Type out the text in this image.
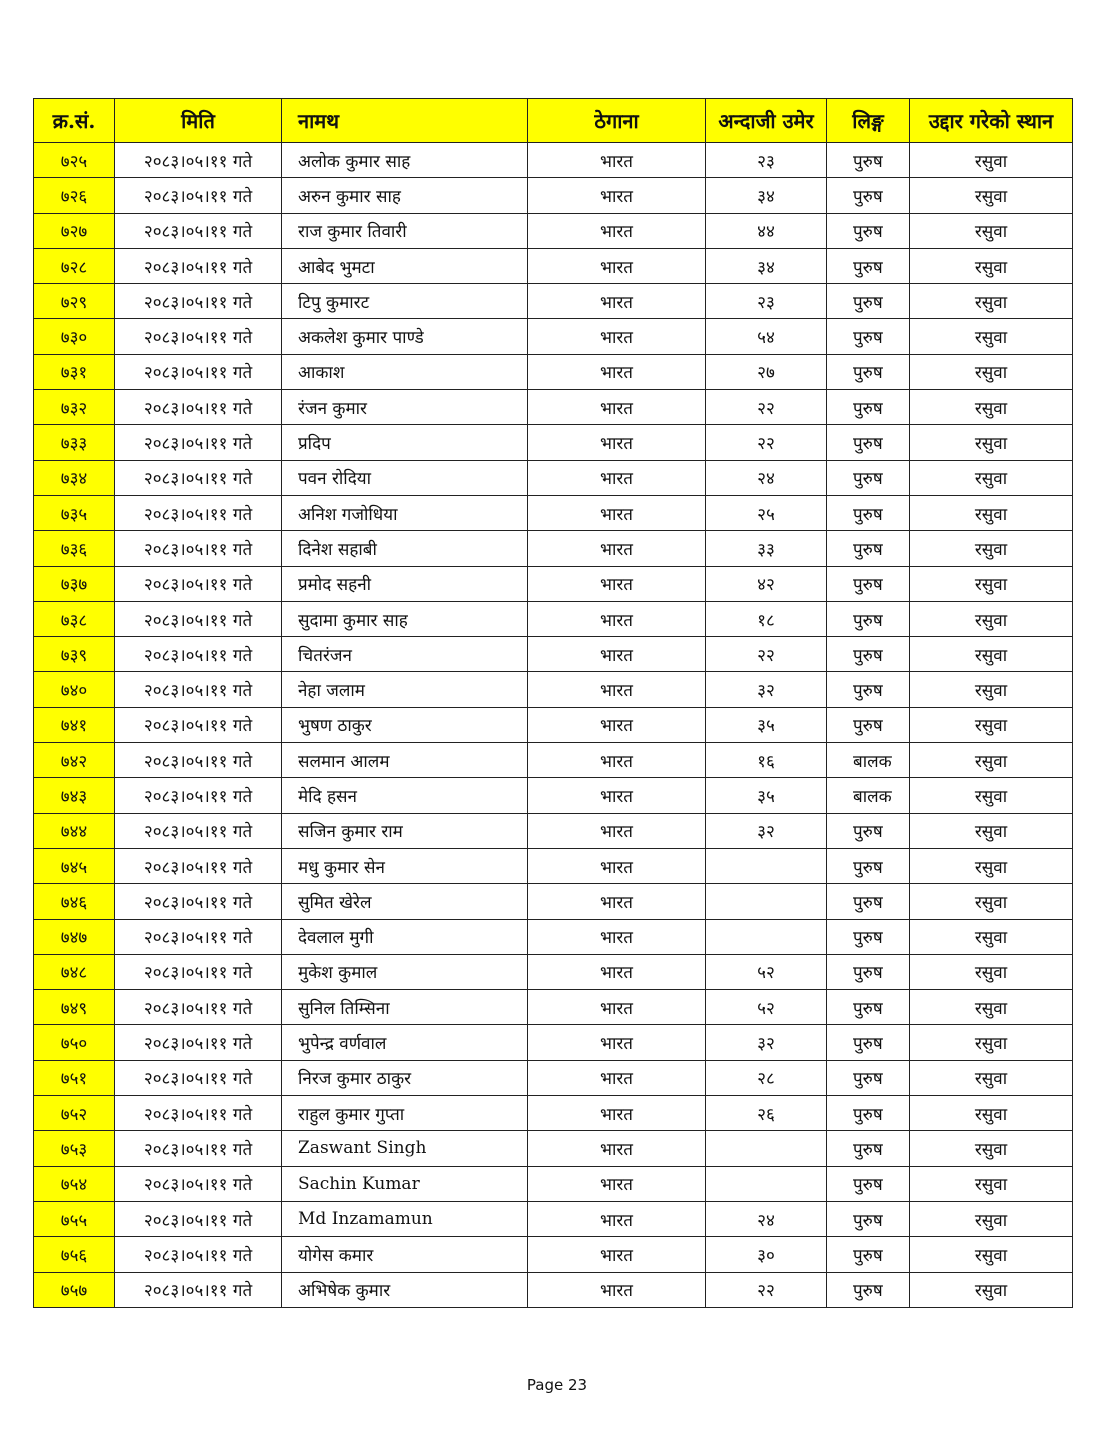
क्र.सं.	मिति	नामथ	ठेगाना	अन्दाजी उमेर	लिङ्ग	उद्दार गरेको स्थान
७२५	२०८३।०५।११ गते	अलोक कुमार साह	भारत	२३	पुरुष	रसुवा
७२६	२०८३।०५।११ गते	अरुन कुमार साह	भारत	३४	पुरुष	रसुवा
७२७	२०८३।०५।११ गते	राज कुमार तिवारी	भारत	४४	पुरुष	रसुवा
७२८	२०८३।०५।११ गते	आबेद भुमटा	भारत	३४	पुरुष	रसुवा
७२९	२०८३।०५।११ गते	टिपु कुमारट	भारत	२३	पुरुष	रसुवा
७३०	२०८३।०५।११ गते	अकलेश कुमार पाण्डे	भारत	५४	पुरुष	रसुवा
७३१	२०८३।०५।११ गते	आकाश	भारत	२७	पुरुष	रसुवा
७३२	२०८३।०५।११ गते	रंजन कुमार	भारत	२२	पुरुष	रसुवा
७३३	२०८३।०५।११ गते	प्रदिप	भारत	२२	पुरुष	रसुवा
७३४	२०८३।०५।११ गते	पवन रोदिया	भारत	२४	पुरुष	रसुवा
७३५	२०८३।०५।११ गते	अनिश गजोधिया	भारत	२५	पुरुष	रसुवा
७३६	२०८३।०५।११ गते	दिनेश सहाबी	भारत	३३	पुरुष	रसुवा
७३७	२०८३।०५।११ गते	प्रमोद सहनी	भारत	४२	पुरुष	रसुवा
७३८	२०८३।०५।११ गते	सुदामा कुमार साह	भारत	१८	पुरुष	रसुवा
७३९	२०८३।०५।११ गते	चितरंजन	भारत	२२	पुरुष	रसुवा
७४०	२०८३।०५।११ गते	नेहा जलाम	भारत	३२	पुरुष	रसुवा
७४१	२०८३।०५।११ गते	भुषण ठाकुर	भारत	३५	पुरुष	रसुवा
७४२	२०८३।०५।११ गते	सलमान आलम	भारत	१६	बालक	रसुवा
७४३	२०८३।०५।११ गते	मेदि हसन	भारत	३५	बालक	रसुवा
७४४	२०८३।०५।११ गते	सजिन कुमार राम	भारत	३२	पुरुष	रसुवा
७४५	२०८३।०५।११ गते	मधु कुमार सेन	भारत		पुरुष	रसुवा
७४६	२०८३।०५।११ गते	सुमित खेरेल	भारत		पुरुष	रसुवा
७४७	२०८३।०५।११ गते	देवलाल मुगी	भारत		पुरुष	रसुवा
७४८	२०८३।०५।११ गते	मुकेश कुमाल	भारत	५२	पुरुष	रसुवा
७४९	२०८३।०५।११ गते	सुनिल तिम्सिना	भारत	५२	पुरुष	रसुवा
७५०	२०८३।०५।११ गते	भुपेन्द्र वर्णवाल	भारत	३२	पुरुष	रसुवा
७५१	२०८३।०५।११ गते	निरज कुमार ठाकुर	भारत	२८	पुरुष	रसुवा
७५२	२०८३।०५।११ गते	राहुल कुमार गुप्ता	भारत	२६	पुरुष	रसुवा
७५३	२०८३।०५।११ गते	Zaswant Singh	भारत		पुरुष	रसुवा
७५४	२०८३।०५।११ गते	Sachin Kumar	भारत		पुरुष	रसुवा
७५५	२०८३।०५।११ गते	Md Inzamamun	भारत	२४	पुरुष	रसुवा
७५६	२०८३।०५।११ गते	योगेस कमार	भारत	३०	पुरुष	रसुवा
७५७	२०८३।०५।११ गते	अभिषेक कुमार	भारत	२२	पुरुष	रसुवा
Page 23
